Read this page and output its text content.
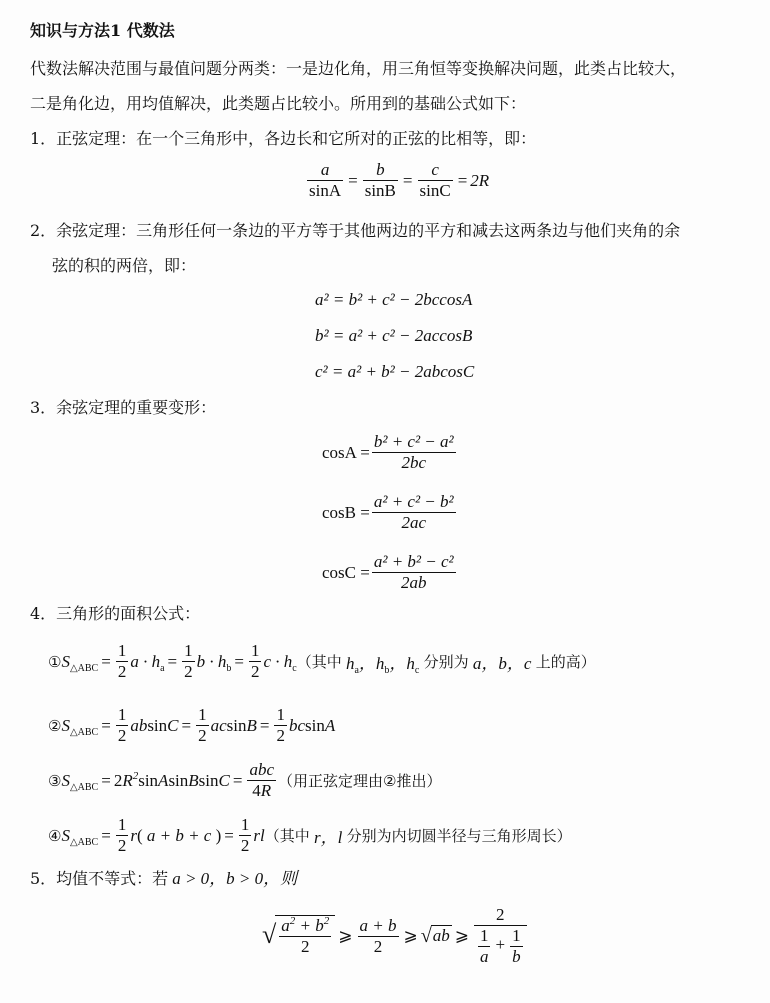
知识与方法1 代数法
代数法解决范围与最值问题分两类：一是边化角，用三角恒等变换解决问题，此类占比较大，
二是角化边，用均值解决，此类题占比较小。所用到的基础公式如下：
1．正弦定理：在一个三角形中，各边长和它所对的正弦的比相等，即：
$\frac{a}{\sin A} = \frac{b}{\sin B} = \frac{c}{\sin C} = 2R$
2．余弦定理：三角形任何一条边的平方等于其他两边的平方和减去这两条边与他们夹角的余
弦的积的两倍，即：
a² = b² + c² − 2bccosA
b² = a² + c² − 2accosB
c² = a² + b² − 2abcosC
3．余弦定理的重要变形：
$\cos A = \frac{\text{b² + c² − a²}}{2bc}$
$\cos B = \frac{\text{a² + c² − b²}}{2ac}$
$\cos C = \frac{\text{a² + b² − c²}}{2ab}$
4．三角形的面积公式：
① $S_{\triangle ABC} = \frac{1}{2}$ $a \cdot h_a = \frac{1}{2}$ $b \cdot h_b = \frac{1}{2}$ $c \cdot h_c$ （其中 $h_a$，$h_b$，$h_c$ 分别为 a，b，c 上的高）
② $S_{\triangle ABC} = \frac{1}{2}$ $absinC = \frac{1}{2}$ $acsinB = \frac{1}{2}$ bcsinA
③ $S_{\triangle ABC}$ = $2R^2sinAsinBsinC = \frac{\text{abc}}{4R}$ （用正弦定理由②推出）
④ $S_{\triangle ABC} = \frac{1}{2} r$( a + b + c ) = $\frac{1}{2}$ rl （其中 r，l 分别为内切圆半径与三角形周长）
5．均值不等式：若 a > 0，b > 0，则
√ $\frac{a^2 + b^2}{2}$ ⩾ $\frac{a + b}{2}$ ⩾ √ ab ⩾ $\frac{2}{\frac{1}{a} + \frac{1}{b}}$
